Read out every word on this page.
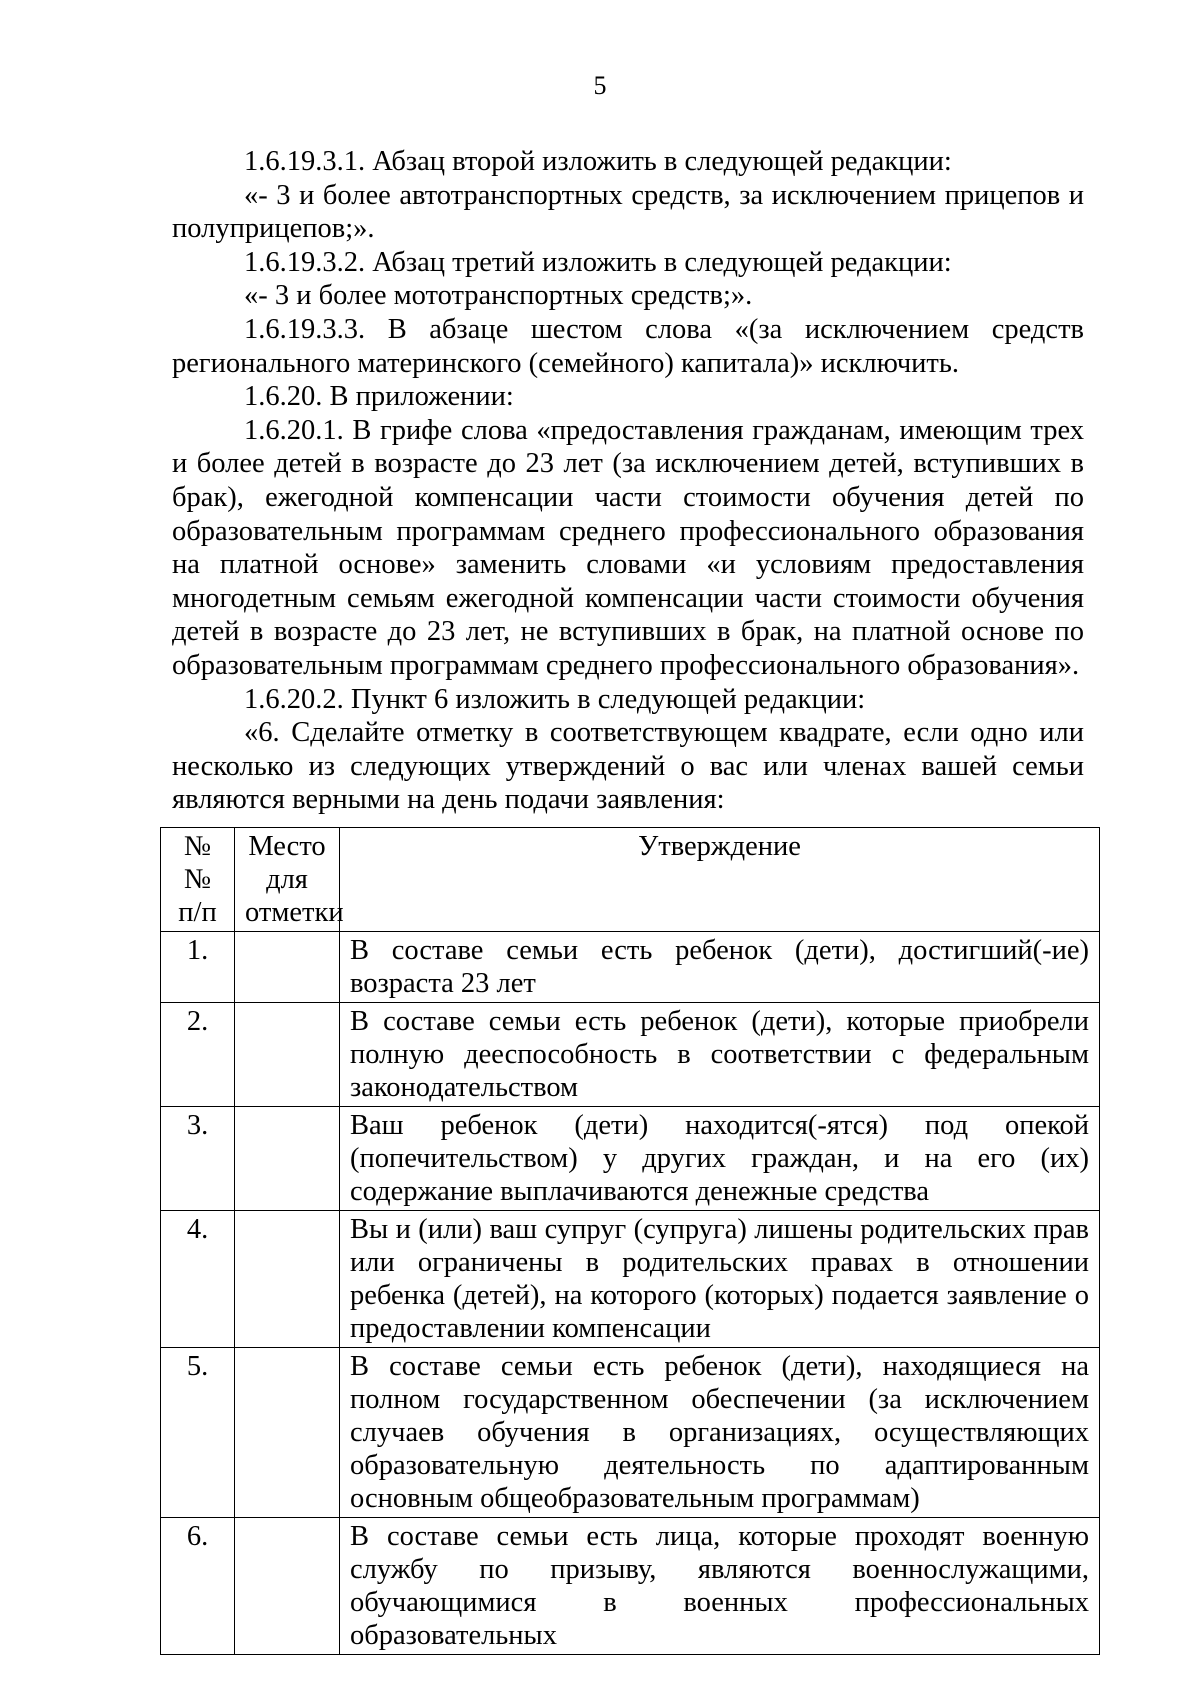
5

1.6.19.3.1. Абзац второй изложить в следующей редакции:

«- 3 и более автотранспортных средств, за исключением прицепов и полуприцепов;».

1.6.19.3.2. Абзац третий изложить в следующей редакции:

«- 3 и более мототранспортных средств;».

1.6.19.3.3. В абзаце шестом слова «(за исключением средств регионального материнского (семейного) капитала)» исключить.

1.6.20. В приложении:

1.6.20.1. В грифе слова «предоставления гражданам, имеющим трех и более детей в возрасте до 23 лет (за исключением детей, вступивших в брак), ежегодной компенсации части стоимости обучения детей по образовательным программам среднего профессионального образования на платной основе» заменить словами «и условиям предоставления многодетным семьям ежегодной компенсации части стоимости обучения детей в возрасте до 23 лет, не вступивших в брак, на платной основе по образовательным программам среднего профессионального образования».

1.6.20.2. Пункт 6 изложить в следующей редакции:

«6. Сделайте отметку в соответствующем квадрате, если одно или несколько из следующих утверждений о вас или членах вашей семьи являются верными на день подачи заявления:

№№ п/п	Место для отметки	Утверждение
1.		В составе семьи есть ребенок (дети), достигший(-ие) возраста 23 лет
2.		В составе семьи есть ребенок (дети), которые приобрели полную дееспособность в соответствии с федеральным законодательством
3.		Ваш ребенок (дети) находится(-ятся) под опекой (попечительством) у других граждан, и на его (их) содержание выплачиваются денежные средства
4.		Вы и (или) ваш супруг (супруга) лишены родительских прав или ограничены в родительских правах в отношении ребенка (детей), на которого (которых) подается заявление о предоставлении компенсации
5.		В составе семьи есть ребенок (дети), находящиеся на полном государственном обеспечении (за исключением случаев обучения в организациях, осуществляющих образовательную деятельность по адаптированным основным общеобразовательным программам)
6.		В составе семьи есть лица, которые проходят военную службу по призыву, являются военнослужащими, обучающимися в военных профессиональных образовательных
